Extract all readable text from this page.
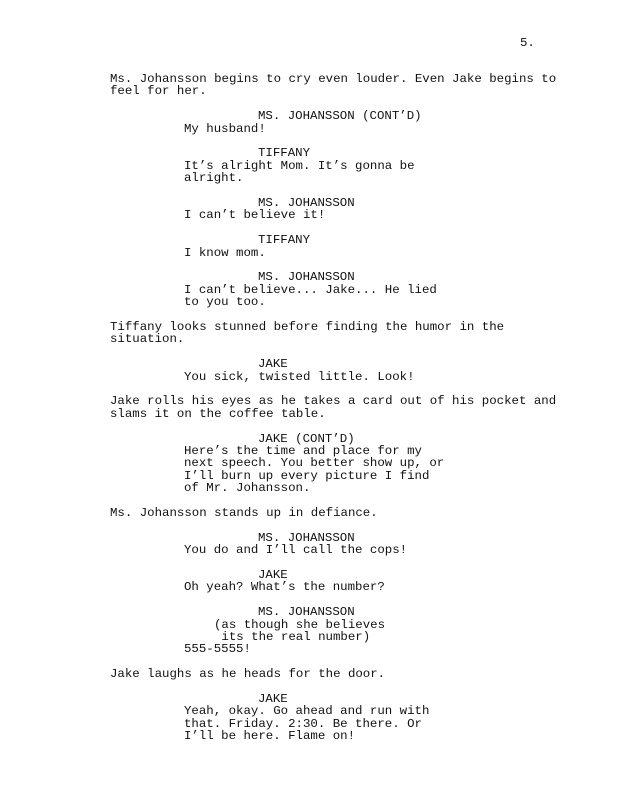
5.
Ms. Johansson begins to cry even louder. Even Jake begins to
feel for her.
MS. JOHANSSON (CONT’D)
My husband!
TIFFANY
It’s alright Mom. It’s gonna be
alright.
MS. JOHANSSON
I can’t believe it!
TIFFANY
I know mom.
MS. JOHANSSON
I can’t believe... Jake... He lied
to you too.
Tiffany looks stunned before finding the humor in the
situation.
JAKE
You sick, twisted little. Look!
Jake rolls his eyes as he takes a card out of his pocket and
slams it on the coffee table.
JAKE (CONT’D)
Here’s the time and place for my
next speech. You better show up, or
I’ll burn up every picture I find
of Mr. Johansson.
Ms. Johansson stands up in defiance.
MS. JOHANSSON
You do and I’ll call the cops!
JAKE
Oh yeah? What’s the number?
MS. JOHANSSON
(as though she believes
its the real number)
555-5555!
Jake laughs as he heads for the door.
JAKE
Yeah, okay. Go ahead and run with
that. Friday. 2:30. Be there. Or
I’ll be here. Flame on!
